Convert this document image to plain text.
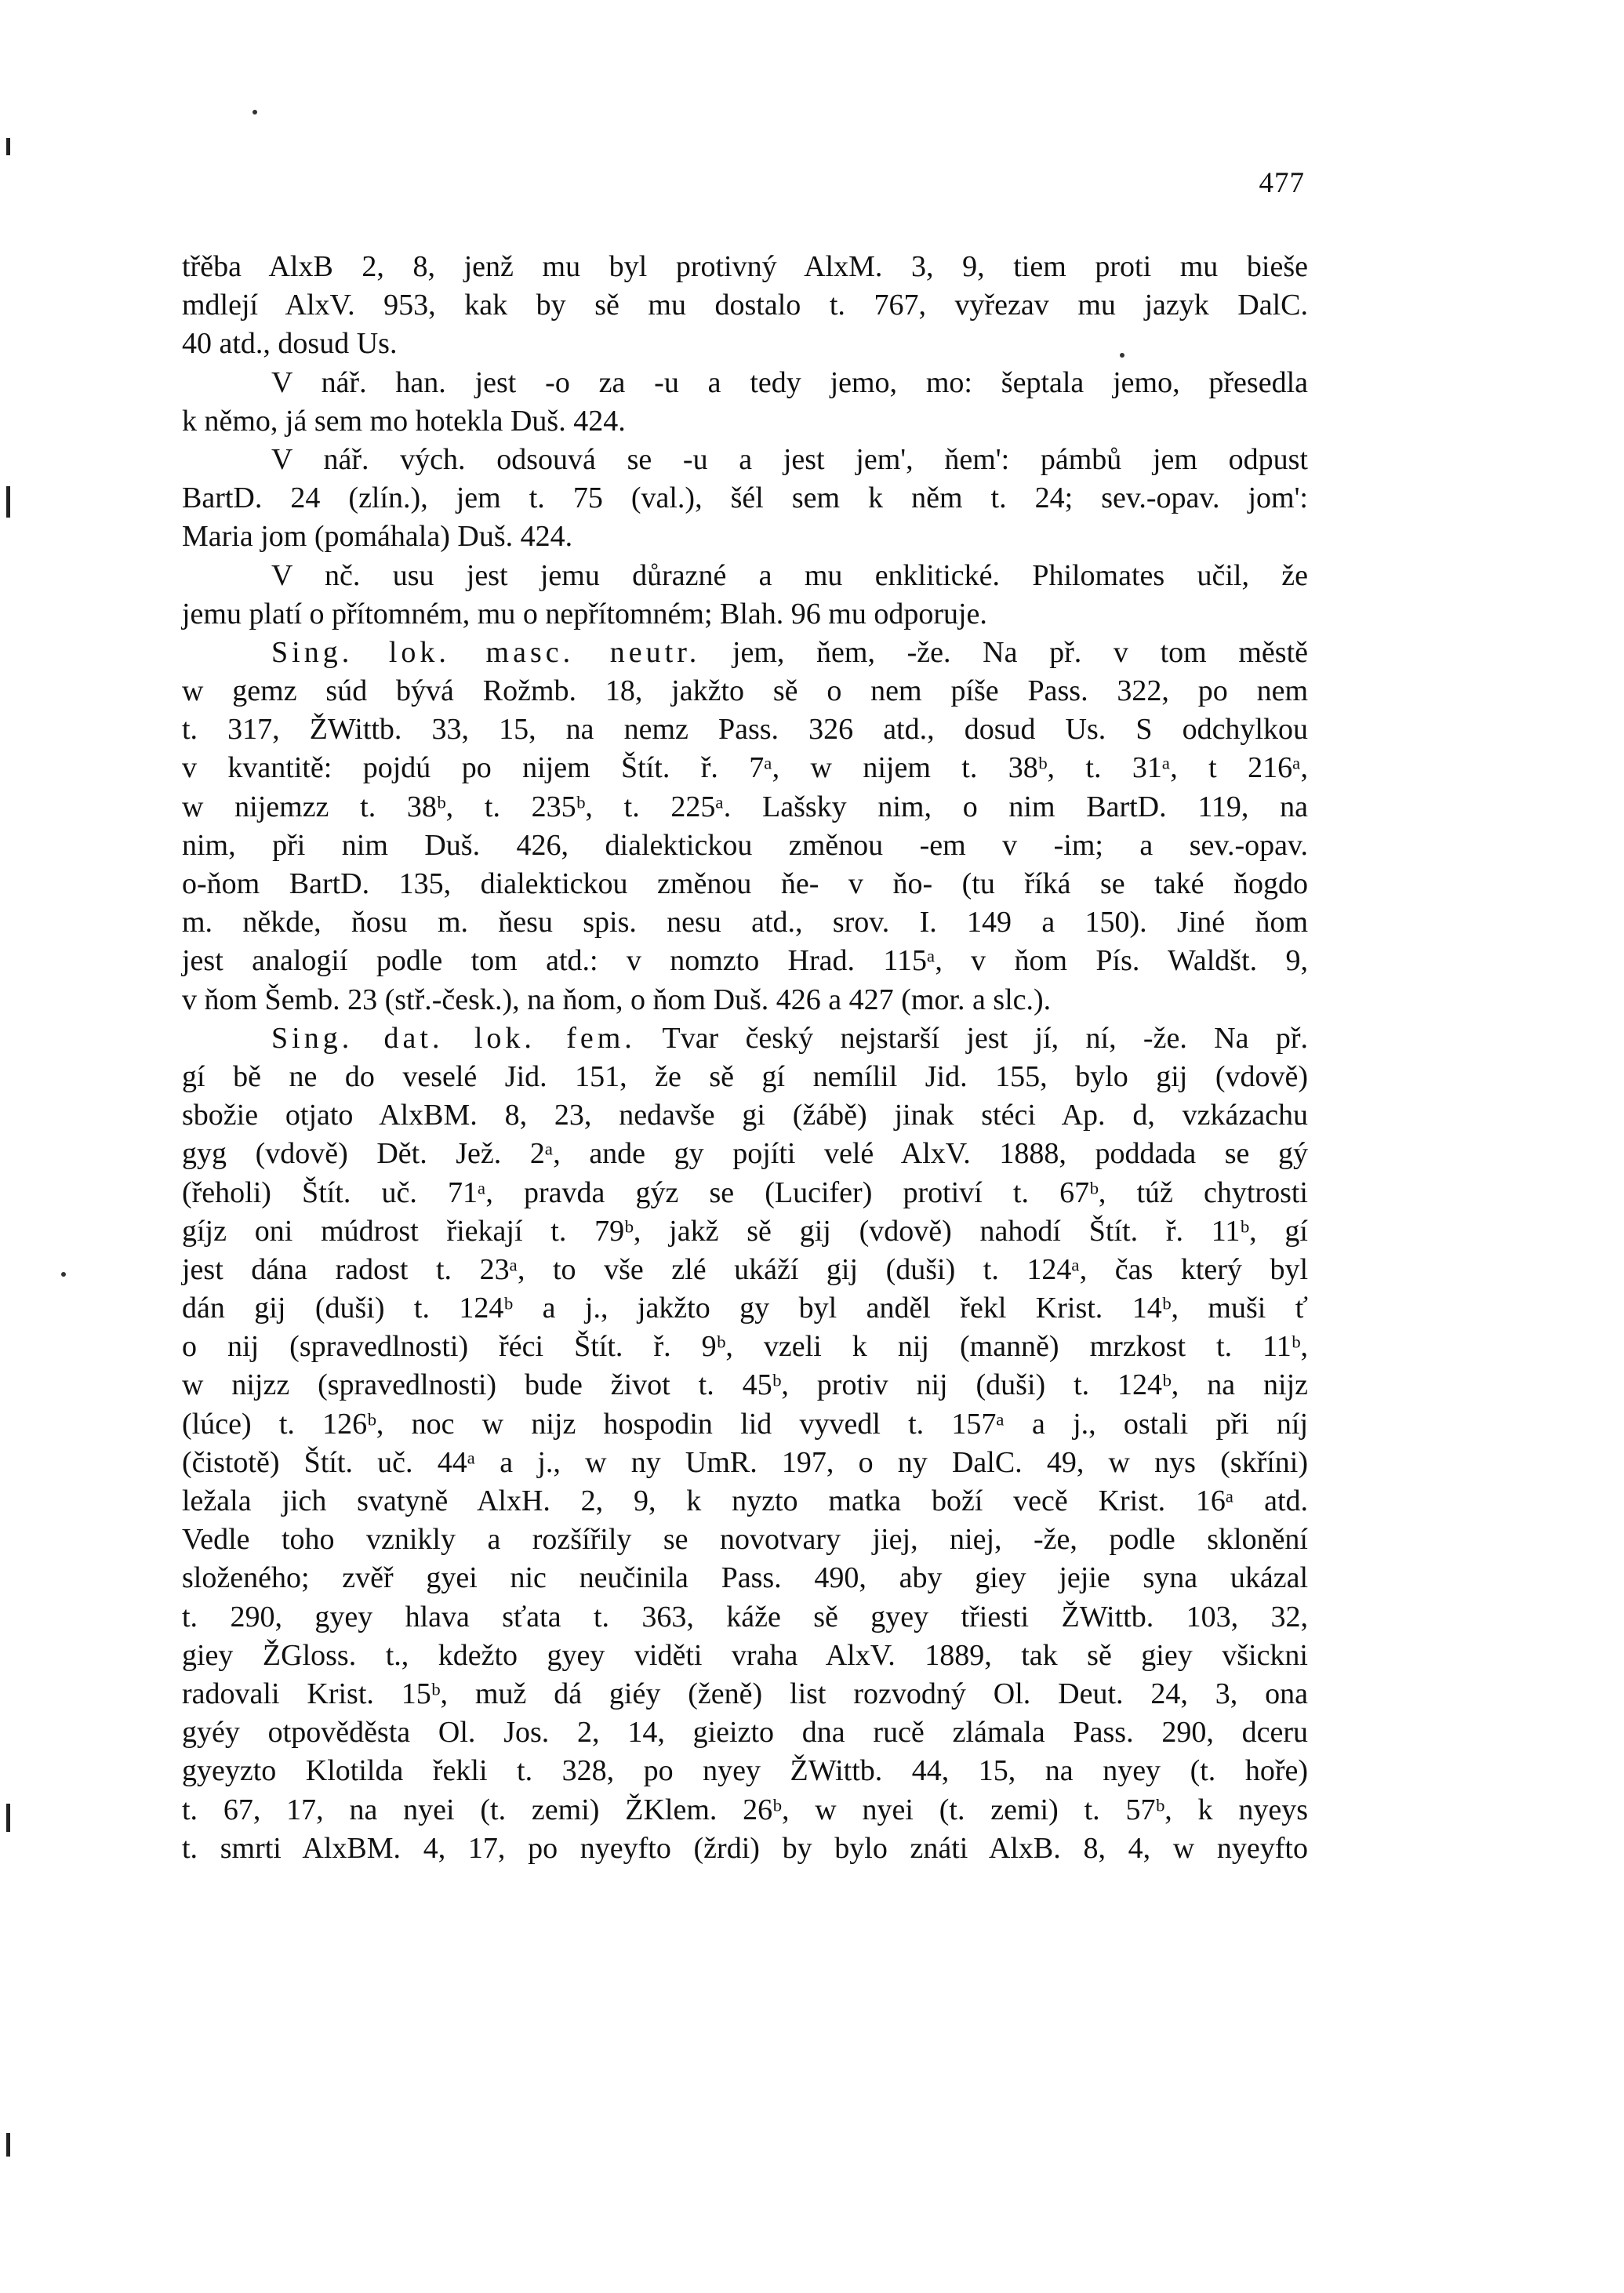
477
třěba AlxB 2, 8, jenž mu byl protivný AlxM. 3, 9, tiem proti mu bieše
mdlejí AlxV. 953, kak by sě mu dostalo t. 767, vyřezav mu jazyk DalC.
40 atd., dosud Us.
V nář. han. jest -o za -u a tedy jemo, mo: šeptala jemo, přesedla
k němo, já sem mo hotekla Duš. 424.
V nář. vých. odsouvá se -u a jest jem', ňem': pámbů jem odpust
BartD. 24 (zlín.), jem t. 75 (val.), šél sem k něm t. 24; sev.-opav. jom':
Maria jom (pomáhala) Duš. 424.
V nč. usu jest jemu důrazné a mu enklitické. Philomates učil, že
jemu platí o přítomném, mu o nepřítomném; Blah. 96 mu odporuje.
Sing. lok. masc. neutr. jem, ňem, -že. Na př. v tom městě
w gemz súd bývá Rožmb. 18, jakžto sě o nem píše Pass. 322, po nem
t. 317, ŽWittb. 33, 15, na nemz Pass. 326 atd., dosud Us. S odchylkou
v kvantitě: pojdú po nijem Štít. ř. 7ᵃ, w nijem t. 38ᵇ, t. 31ᵃ, t 216ᵃ,
w nijemzz t. 38ᵇ, t. 235ᵇ, t. 225ᵃ. Lašsky nim, o nim BartD. 119, na
nim, při nim Duš. 426, dialektickou změnou -em v -im; a sev.-opav.
o-ňom BartD. 135, dialektickou změnou ňe- v ňo- (tu říká se také ňogdo
m. někde, ňosu m. ňesu spis. nesu atd., srov. I. 149 a 150). Jiné ňom
jest analogií podle tom atd.: v nomzto Hrad. 115ᵃ, v ňom Pís. Waldšt. 9,
v ňom Šemb. 23 (stř.-česk.), na ňom, o ňom Duš. 426 a 427 (mor. a slc.).
Sing. dat. lok. fem. Tvar český nejstarší jest jí, ní, -že. Na př.
gí bě ne do veselé Jid. 151, že sě gí nemílil Jid. 155, bylo gij (vdově)
sbožie otjato AlxBM. 8, 23, nedavše gi (žábě) jinak stéci Ap. d, vzkázachu
gyg (vdově) Dět. Jež. 2ᵃ, ande gy pojíti velé AlxV. 1888, poddada se gý
(řeholi) Štít. uč. 71ᵃ, pravda gýz se (Lucifer) protiví t. 67ᵇ, túž chytrosti
gíjz oni múdrost řiekají t. 79ᵇ, jakž sě gij (vdově) nahodí Štít. ř. 11ᵇ, gí
jest dána radost t. 23ᵃ, to vše zlé ukáží gij (duši) t. 124ᵃ, čas který byl
dán gij (duši) t. 124ᵇ a j., jakžto gy byl anděl řekl Krist. 14ᵇ, muši ť
o nij (spravedlnosti) řéci Štít. ř. 9ᵇ, vzeli k nij (manně) mrzkost t. 11ᵇ,
w nijzz (spravedlnosti) bude život t. 45ᵇ, protiv nij (duši) t. 124ᵇ, na nijz
(lúce) t. 126ᵇ, noc w nijz hospodin lid vyvedl t. 157ᵃ a j., ostali při níj
(čistotě) Štít. uč. 44ᵃ a j., w ny UmR. 197, o ny DalC. 49, w nys (skříni)
ležala jich svatyně AlxH. 2, 9, k nyzto matka boží vecě Krist. 16ᵃ atd.
Vedle toho vznikly a rozšířily se novotvary jiej, niej, -že, podle sklonění
složeného; zvěř gyei nic neučinila Pass. 490, aby giey jejie syna ukázal
t. 290, gyey hlava sťata t. 363, káže sě gyey třiesti ŽWittb. 103, 32,
giey ŽGloss. t., kdežto gyey viděti vraha AlxV. 1889, tak sě giey všickni
radovali Krist. 15ᵇ, muž dá giéy (ženě) list rozvodný Ol. Deut. 24, 3, ona
gyéy otpověděsta Ol. Jos. 2, 14, gieizto dna rucě zlámala Pass. 290, dceru
gyeyzto Klotilda řekli t. 328, po nyey ŽWittb. 44, 15, na nyey (t. hoře)
t. 67, 17, na nyei (t. zemi) ŽKlem. 26ᵇ, w nyei (t. zemi) t. 57ᵇ, k nyeys
t. smrti AlxBM. 4, 17, po nyeyfto (žrdi) by bylo znáti AlxB. 8, 4, w nyeyfto
